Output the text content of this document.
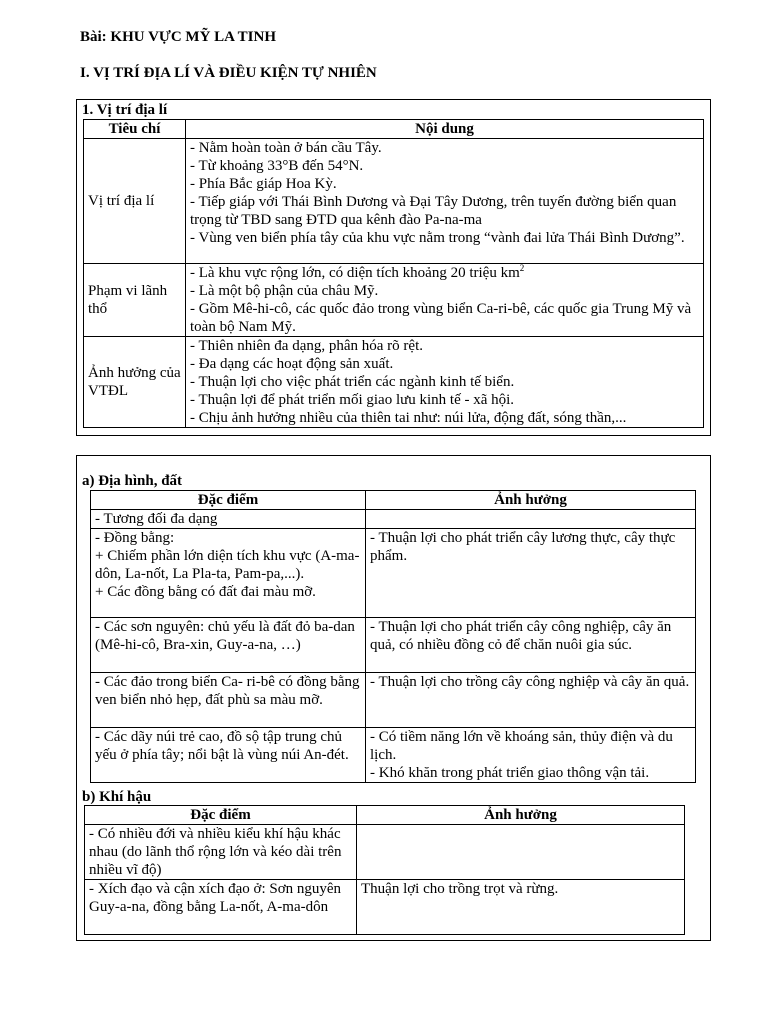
Bài: KHU VỰC MỸ LA TINH
I. VỊ TRÍ ĐỊA LÍ VÀ ĐIỀU KIỆN TỰ NHIÊN
1. Vị trí địa lí
Tiêu chí	Nội dung
Vị trí địa lí	- Nằm hoàn toàn ở bán cầu Tây.
- Từ khoảng 33°B đến 54°N.
- Phía Bắc giáp Hoa Kỳ.
- Tiếp giáp với Thái Bình Dương và Đại Tây Dương, trên tuyến đường biển quan trọng từ TBD sang ĐTD qua kênh đào Pa-na-ma
- Vùng ven biển phía tây của khu vực nằm trong “vành đai lửa Thái Bình Dương”.

Phạm vi lãnh thổ	- Là khu vực rộng lớn, có diện tích khoảng 20 triệu $km^2$
- Là một bộ phận của châu Mỹ.
- Gồm Mê-hi-cô, các quốc đảo trong vùng biển Ca-ri-bê, các quốc gia Trung Mỹ và toàn bộ Nam Mỹ.

Ảnh hưởng của VTĐL	- Thiên nhiên đa dạng, phân hóa rõ rệt.
- Đa dạng các hoạt động sản xuất.
- Thuận lợi cho việc phát triển các ngành kinh tế biển.
- Thuận lợi để phát triển mối giao lưu kinh tế - xã hội.
- Chịu ảnh hưởng nhiều của thiên tai như: núi lửa, động đất, sóng thần,...
a) Địa hình, đất
Đặc điểm	Ảnh hưởng

- Tương đối đa dạng	

- Đồng bằng:
+ Chiếm phần lớn diện tích khu vực (A-ma-dôn, La-nốt, La Pla-ta, Pam-pa,...).
+ Các đồng bằng có đất đai màu mỡ.	- Thuận lợi cho phát triển cây lương thực, cây thực phẩm.

- Các sơn nguyên: chủ yếu là đất đỏ ba-dan (Mê-hi-cô, Bra-xin, Guy-a-na, …)	- Thuận lợi cho phát triển cây công nghiệp, cây ăn quả, có nhiều đồng cỏ để chăn nuôi gia súc.

- Các đảo trong biển Ca- ri-bê có đồng bằng ven biển nhỏ hẹp, đất phù sa màu mỡ.	- Thuận lợi cho trồng cây công nghiệp và cây ăn quả.

- Các dãy núi trẻ cao, đồ sộ tập trung chủ yếu ở phía tây; nổi bật là vùng núi An-đét.	- Có tiềm năng lớn về khoáng sản, thủy điện và du lịch.
- Khó khăn trong phát triển giao thông vận tải.
b) Khí hậu
Đặc điểm	Ảnh hưởng

- Có nhiều đới và nhiều kiểu khí hậu khác nhau (do lãnh thổ rộng lớn và kéo dài trên nhiều vĩ độ)	

- Xích đạo và cận xích đạo ở: Sơn nguyên Guy-a-na, đồng bằng La-nốt, A-ma-dôn	Thuận lợi cho trồng trọt và rừng.
